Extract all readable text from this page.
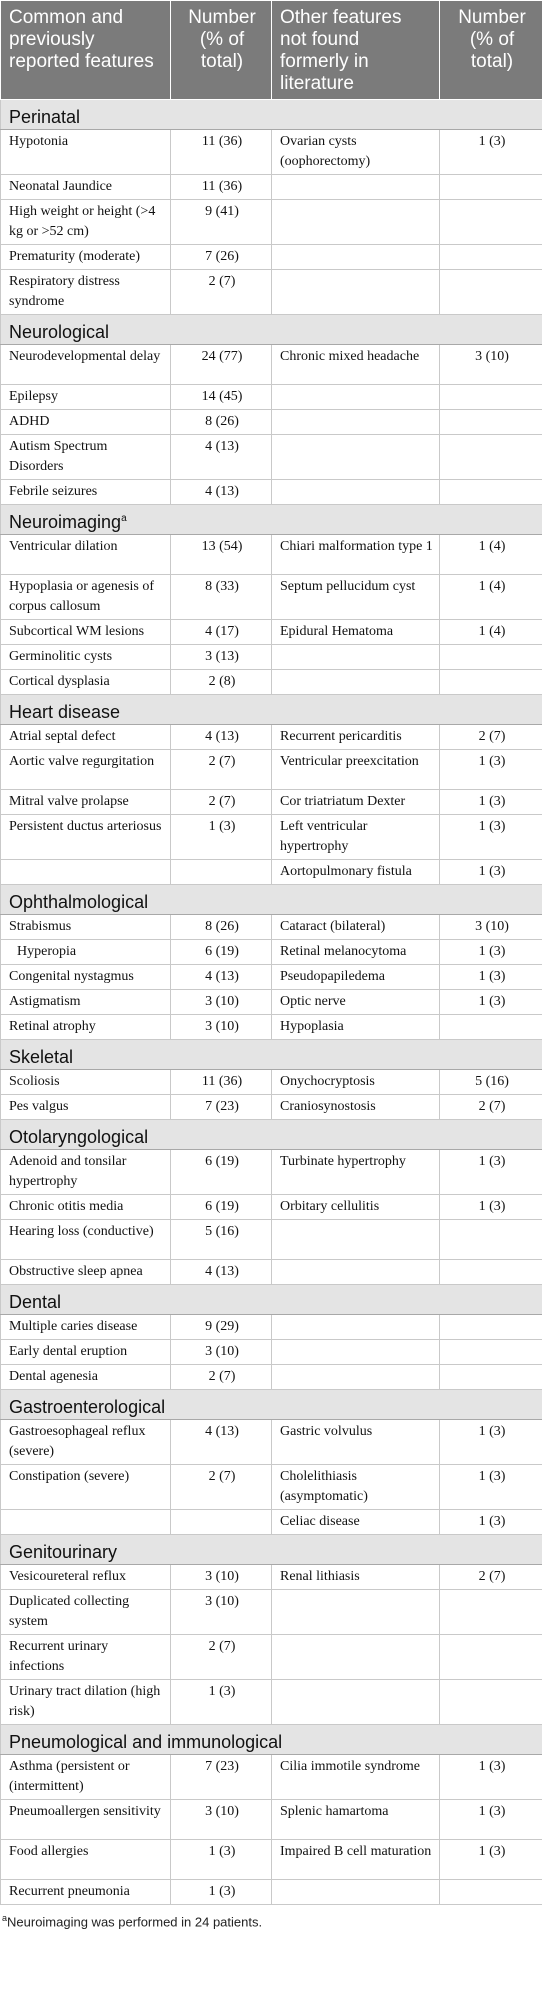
Common and previously reported features	Number (% of total)	Other features not found formerly in literature	Number (% of total)
Perinatal			
Hypotonia	11 (36)	Ovarian cysts (oophorectomy)	1 (3)
Neonatal Jaundice	11 (36)		
High weight or height (>4 kg or >52 cm)	9 (41)		
Prematurity (moderate)	7 (26)		
Respiratory distress syndrome	2 (7)		
Neurological			
Neurodevelopmental delay	24 (77)	Chronic mixed headache	3 (10)
Epilepsy	14 (45)		
ADHD	8 (26)		
Autism Spectrum Disorders	4 (13)		
Febrile seizures	4 (13)		
Neuroimaging$^a$
Ventricular dilation	13 (54)	Chiari malformation type 1	1 (4)
Hypoplasia or agenesis of corpus callosum	8 (33)	Septum pellucidum cyst	1 (4)
Subcortical WM lesions	4 (17)	Epidural Hematoma	1 (4)
Germinolitic cysts	3 (13)		
Cortical dysplasia	2 (8)		
Heart disease			
Atrial septal defect	4 (13)	Recurrent pericarditis	2 (7)
Aortic valve regurgitation	2 (7)	Ventricular preexcitation	1 (3)
Mitral valve prolapse	2 (7)	Cor triatriatum Dexter	1 (3)
Persistent ductus arteriosus	1 (3)	Left ventricular hypertrophy	1 (3)
		Aortopulmonary fistula	1 (3)
Ophthalmological			
Strabismus	8 (26)	Cataract (bilateral)	3 (10)
Hyperopia	6 (19)	Retinal melanocytoma	1 (3)
Congenital nystagmus	4 (13)	Pseudopapiledema	1 (3)
Astigmatism	3 (10)	Optic nerve	1 (3)
Retinal atrophy	3 (10)	Hypoplasia	
Skeletal			
Scoliosis	11 (36)	Onychocryptosis	5 (16)
Pes valgus	7 (23)	Craniosynostosis	2 (7)
Otolaryngological			
Adenoid and tonsilar hypertrophy	6 (19)	Turbinate hypertrophy	1 (3)
Chronic otitis media	6 (19)	Orbitary cellulitis	1 (3)
Hearing loss (conductive)	5 (16)		
Obstructive sleep apnea	4 (13)		
Dental			
Multiple caries disease	9 (29)		
Early dental eruption	3 (10)		
Dental agenesia	2 (7)		
Gastroenterological			
Gastroesophageal reflux (severe)	4 (13)	Gastric volvulus	1 (3)
Constipation (severe)	2 (7)	Cholelithiasis (asymptomatic)	1 (3)
		Celiac disease	1 (3)
Genitourinary			
Vesicoureteral reflux	3 (10)	Renal lithiasis	2 (7)
Duplicated collecting system	3 (10)		
Recurrent urinary infections	2 (7)		
Urinary tract dilation (high risk)	1 (3)		
Pneumological and immunological			
Asthma (persistent or (intermittent)	7 (23)	Cilia immotile syndrome	1 (3)
Pneumoallergen sensitivity	3 (10)	Splenic hamartoma	1 (3)
Food allergies	1 (3)	Impaired B cell maturation	1 (3)
Recurrent pneumonia	1 (3)		
$^a$Neuroimaging was performed in 24 patients.
